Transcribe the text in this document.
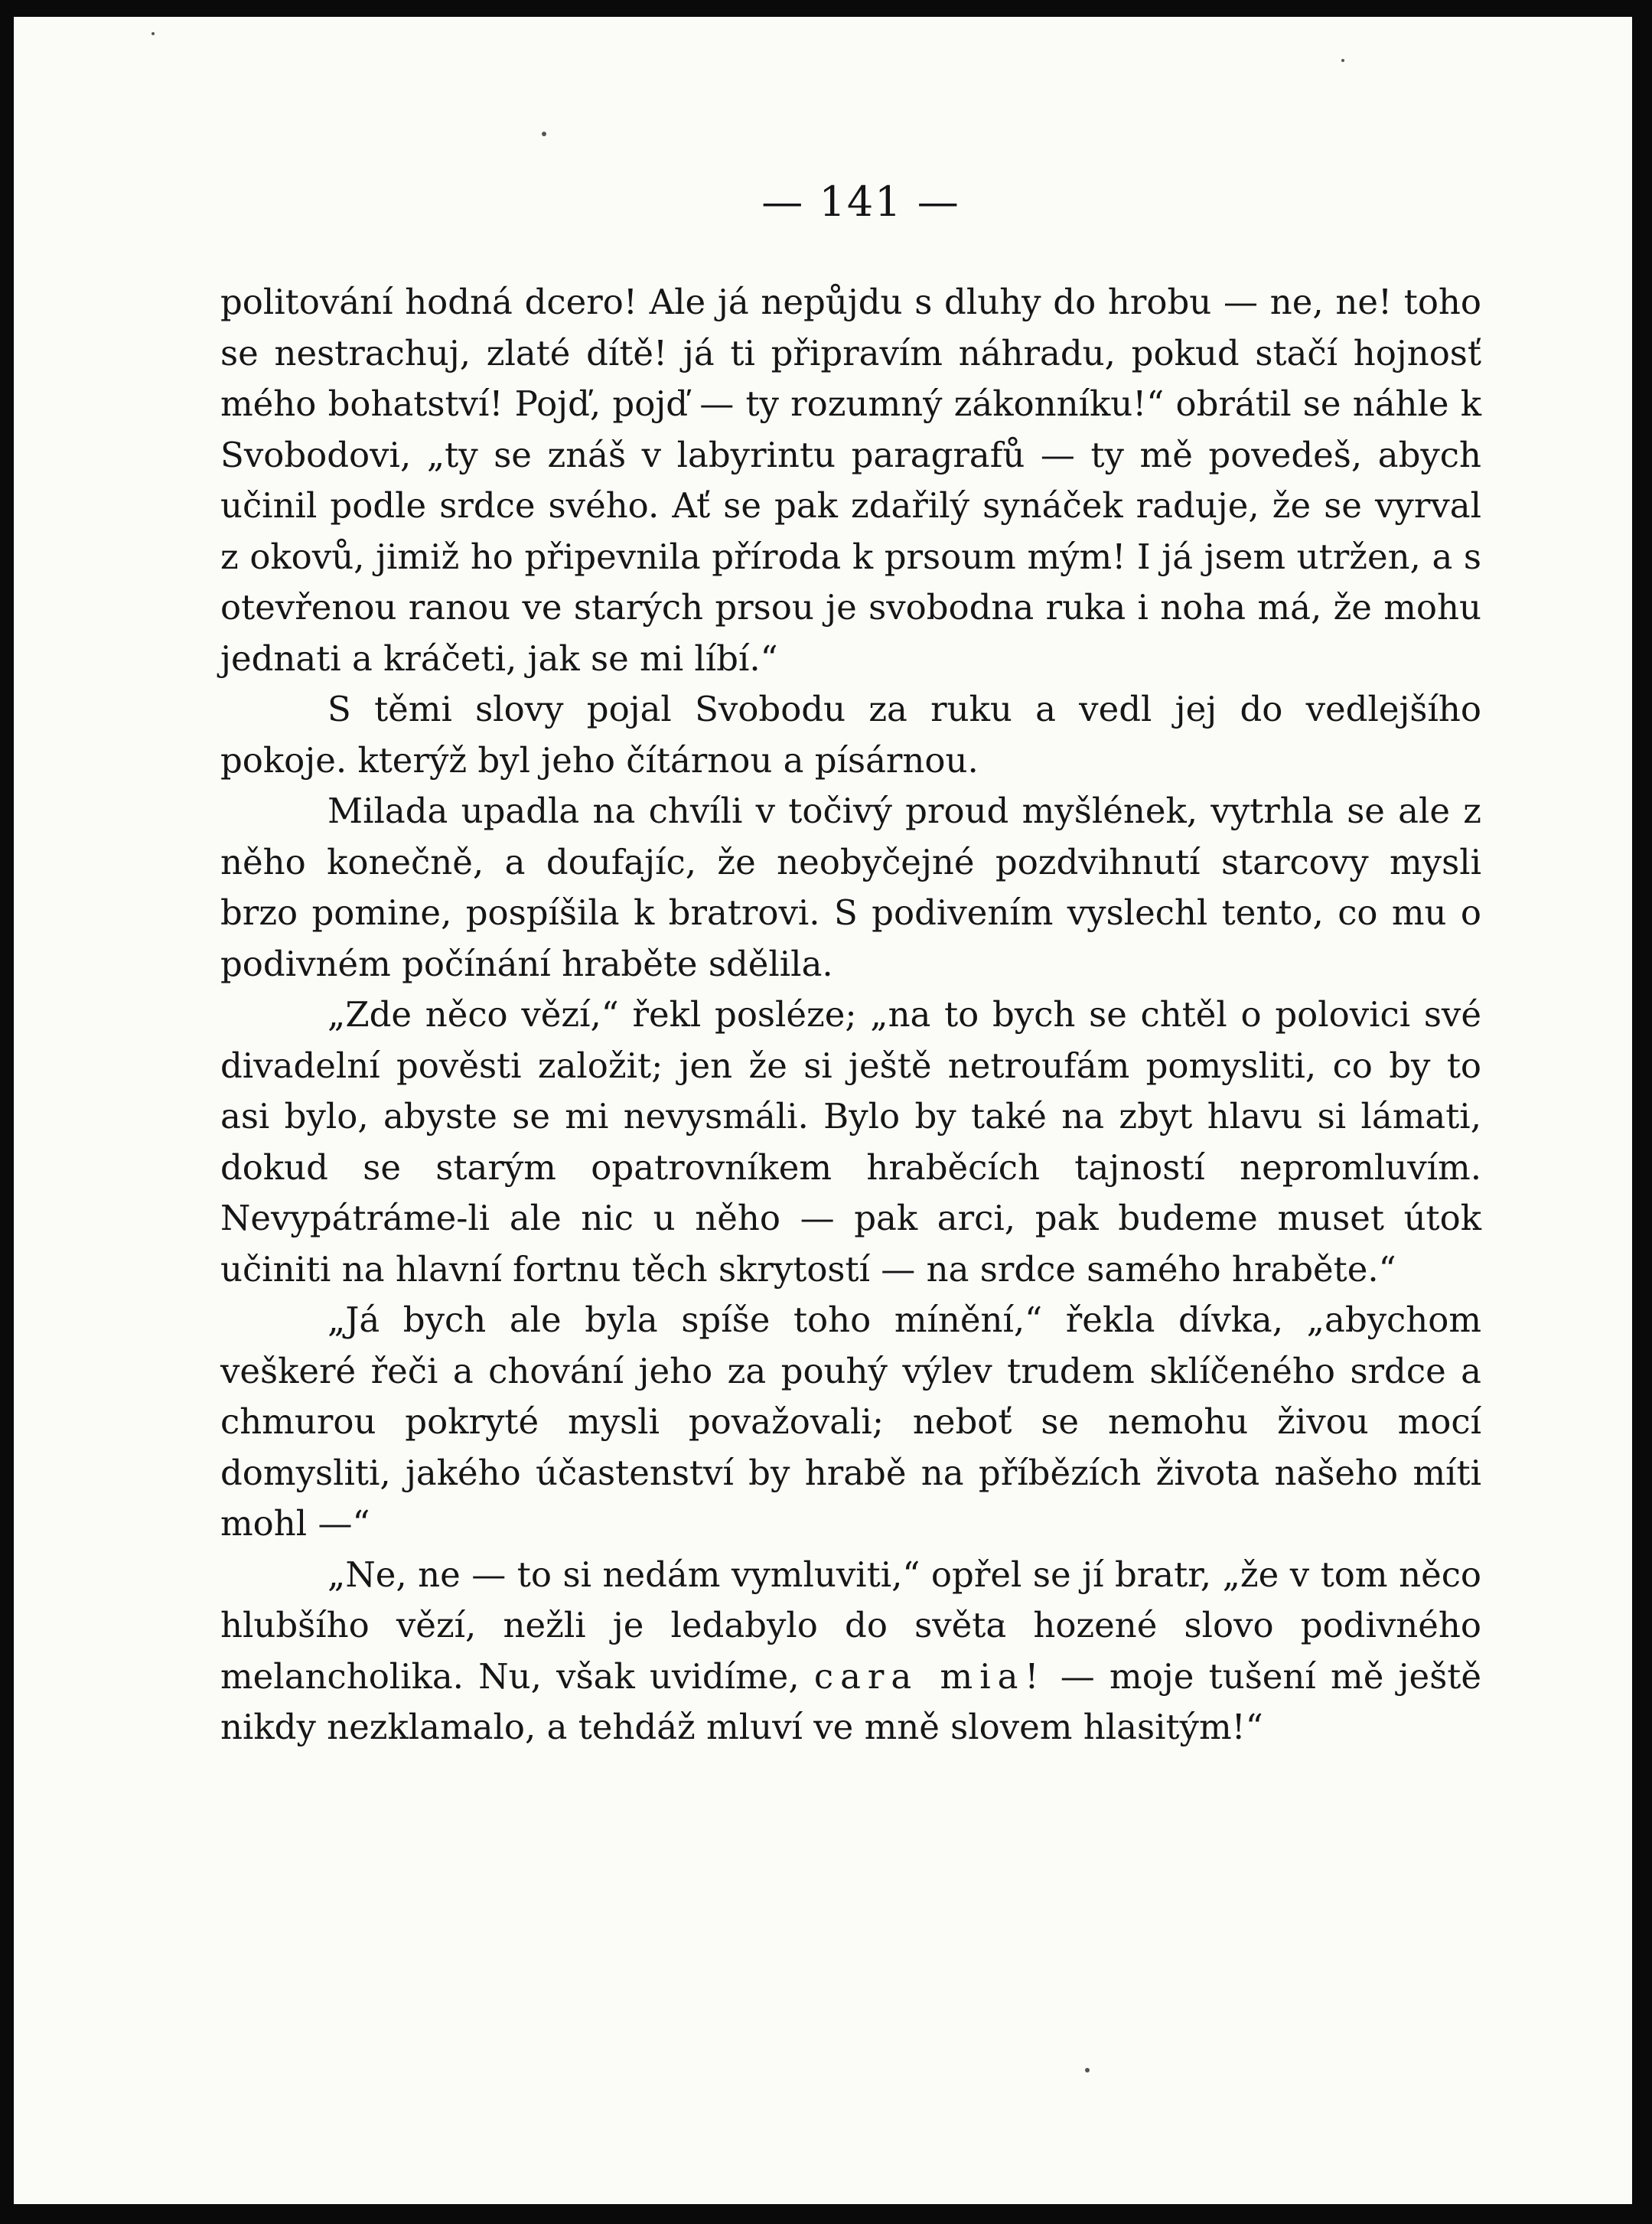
— 141 —

politování hodná dcero! Ale já nepůjdu s dluhy do hrobu — ne, ne! toho se nestrachuj, zlaté dítě! já ti připravím náhradu, pokud stačí hojnosť mého bohatství! Pojď, pojď — ty rozumný zákonníku!“ obrátil se náhle k Svobodovi, „ty se znáš v labyrintu paragrafů — ty mě povedeš, abych učinil podle srdce svého. Ať se pak zdařilý synáček raduje, že se vyrval z okovů, jimiž ho připevnila příroda k prsoum mým! I já jsem utržen, a s otevřenou ranou ve starých prsou je svobodna ruka i noha má, že mohu jednati a kráčeti, jak se mi líbí.“

S těmi slovy pojal Svobodu za ruku a vedl jej do vedlejšího pokoje. kterýž byl jeho čítárnou a písárnou.

Milada upadla na chvíli v točivý proud myšlének, vytrhla se ale z něho konečně, a doufajíc, že neobyčejné pozdvihnutí starcovy mysli brzo pomine, pospíšila k bratrovi. S podivením vyslechl tento, co mu o podivném počínání hraběte sdělila.

„Zde něco vězí,“ řekl posléze; „na to bych se chtěl o polovici své divadelní pověsti založit; jen že si ještě netroufám pomysliti, co by to asi bylo, abyste se mi nevysmáli. Bylo by také na zbyt hlavu si lámati, dokud se starým opatrovníkem hraběcích tajností nepromluvím. Nevypátráme-li ale nic u něho — pak arci, pak budeme muset útok učiniti na hlavní fortnu těch skrytostí — na srdce samého hraběte.“

„Já bych ale byla spíše toho mínění,“ řekla dívka, „abychom veškeré řeči a chování jeho za pouhý výlev trudem sklíčeného srdce a chmurou pokryté mysli považovali; neboť se nemohu živou mocí domysliti, jakého účastenství by hrabě na příbězích života našeho míti mohl —“

„Ne, ne — to si nedám vymluviti,“ opřel se jí bratr, „že v tom něco hlubšího vězí, nežli je ledabylo do světa hozené slovo podivného melancholika. Nu, však uvidíme, cara mia! — moje tušení mě ještě nikdy nezklamalo, a tehdáž mluví ve mně slovem hlasitým!“
